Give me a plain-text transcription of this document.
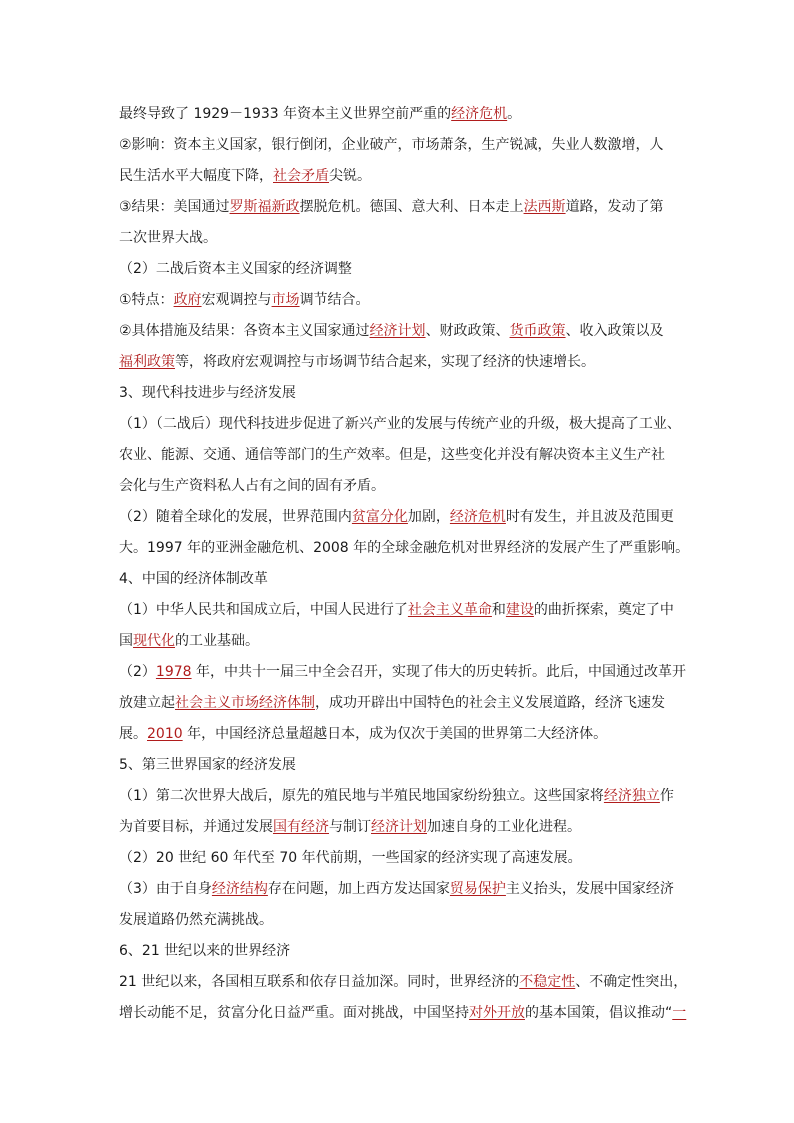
最终导致了 1929－1933 年资本主义世界空前严重的经济危机。
②影响：资本主义国家，银行倒闭，企业破产，市场萧条，生产锐减，失业人数激增，人
民生活水平大幅度下降，社会矛盾尖锐。
③结果：美国通过罗斯福新政摆脱危机。德国、意大利、日本走上法西斯道路，发动了第
二次世界大战。
（2）二战后资本主义国家的经济调整
①特点：政府宏观调控与市场调节结合。
②具体措施及结果：各资本主义国家通过经济计划、财政政策、货币政策、收入政策以及
福利政策等，将政府宏观调控与市场调节结合起来，实现了经济的快速增长。
3、现代科技进步与经济发展
（1）（二战后）现代科技进步促进了新兴产业的发展与传统产业的升级，极大提高了工业、
农业、能源、交通、通信等部门的生产效率。但是，这些变化并没有解决资本主义生产社
会化与生产资料私人占有之间的固有矛盾。
（2）随着全球化的发展，世界范围内贫富分化加剧，经济危机时有发生，并且波及范围更
大。1997 年的亚洲金融危机、2008 年的全球金融危机对世界经济的发展产生了严重影响。
4、中国的经济体制改革
（1）中华人民共和国成立后，中国人民进行了社会主义革命和建设的曲折探索，奠定了中
国现代化的工业基础。
（2）1978 年，中共十一届三中全会召开，实现了伟大的历史转折。此后，中国通过改革开
放建立起社会主义市场经济体制，成功开辟出中国特色的社会主义发展道路，经济飞速发
展。2010 年，中国经济总量超越日本，成为仅次于美国的世界第二大经济体。
5、第三世界国家的经济发展
（1）第二次世界大战后，原先的殖民地与半殖民地国家纷纷独立。这些国家将经济独立作
为首要目标，并通过发展国有经济与制订经济计划加速自身的工业化进程。
（2）20 世纪 60 年代至 70 年代前期，一些国家的经济实现了高速发展。
（3）由于自身经济结构存在问题，加上西方发达国家贸易保护主义抬头，发展中国家经济
发展道路仍然充满挑战。
6、21 世纪以来的世界经济
21 世纪以来，各国相互联系和依存日益加深。同时，世界经济的不稳定性、不确定性突出，
增长动能不足，贫富分化日益严重。面对挑战，中国坚持对外开放的基本国策，倡议推动“一
